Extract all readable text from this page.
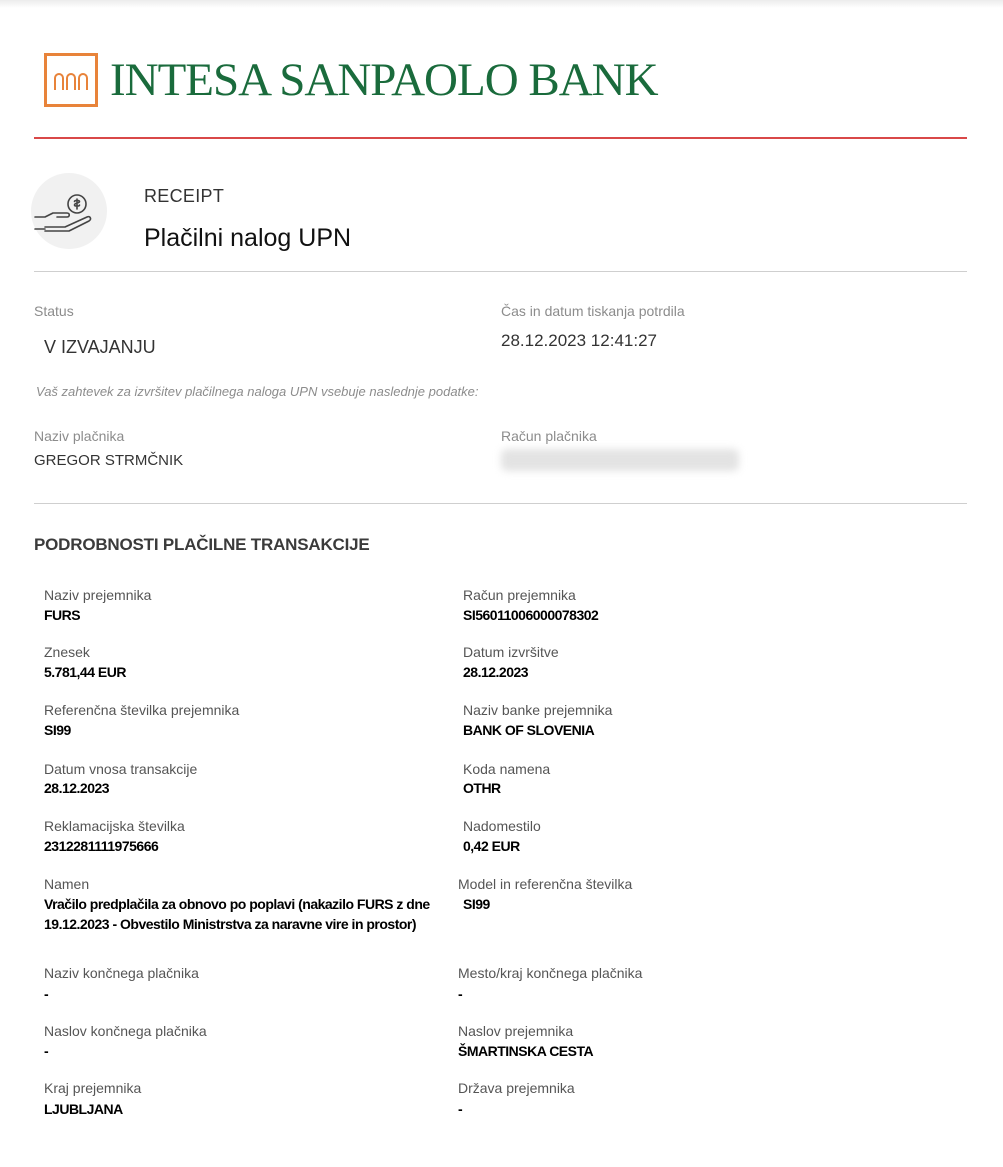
INTESA SANPAOLO BANK
RECEIPT
Plačilni nalog UPN
Status
V IZVAJANJU
Čas in datum tiskanja potrdila
28.12.2023 12:41:27
Vaš zahtevek za izvršitev plačilnega naloga UPN vsebuje naslednje podatke:
Naziv plačnika
GREGOR STRMČNIK
Račun plačnika
PODROBNOSTI PLAČILNE TRANSAKCIJE
Naziv prejemnika
FURS
Znesek
5.781,44 EUR
Referenčna številka prejemnika
SI99
Datum vnosa transakcije
28.12.2023
Reklamacijska številka
2312281111975666
Namen
Vračilo predplačila za obnovo po poplavi (nakazilo FURS z dne 19.12.2023 - Obvestilo Ministrstva za naravne vire in prostor)
Naziv končnega plačnika
-
Naslov končnega plačnika
-
Kraj prejemnika
LJUBLJANA
Račun prejemnika
SI56011006000078302
Datum izvršitve
28.12.2023
Naziv banke prejemnika
BANK OF SLOVENIA
Koda namena
OTHR
Nadomestilo
0,42 EUR
Model in referenčna številka
SI99
Mesto/kraj končnega plačnika
-
Naslov prejemnika
ŠMARTINSKA CESTA
Država prejemnika
-
